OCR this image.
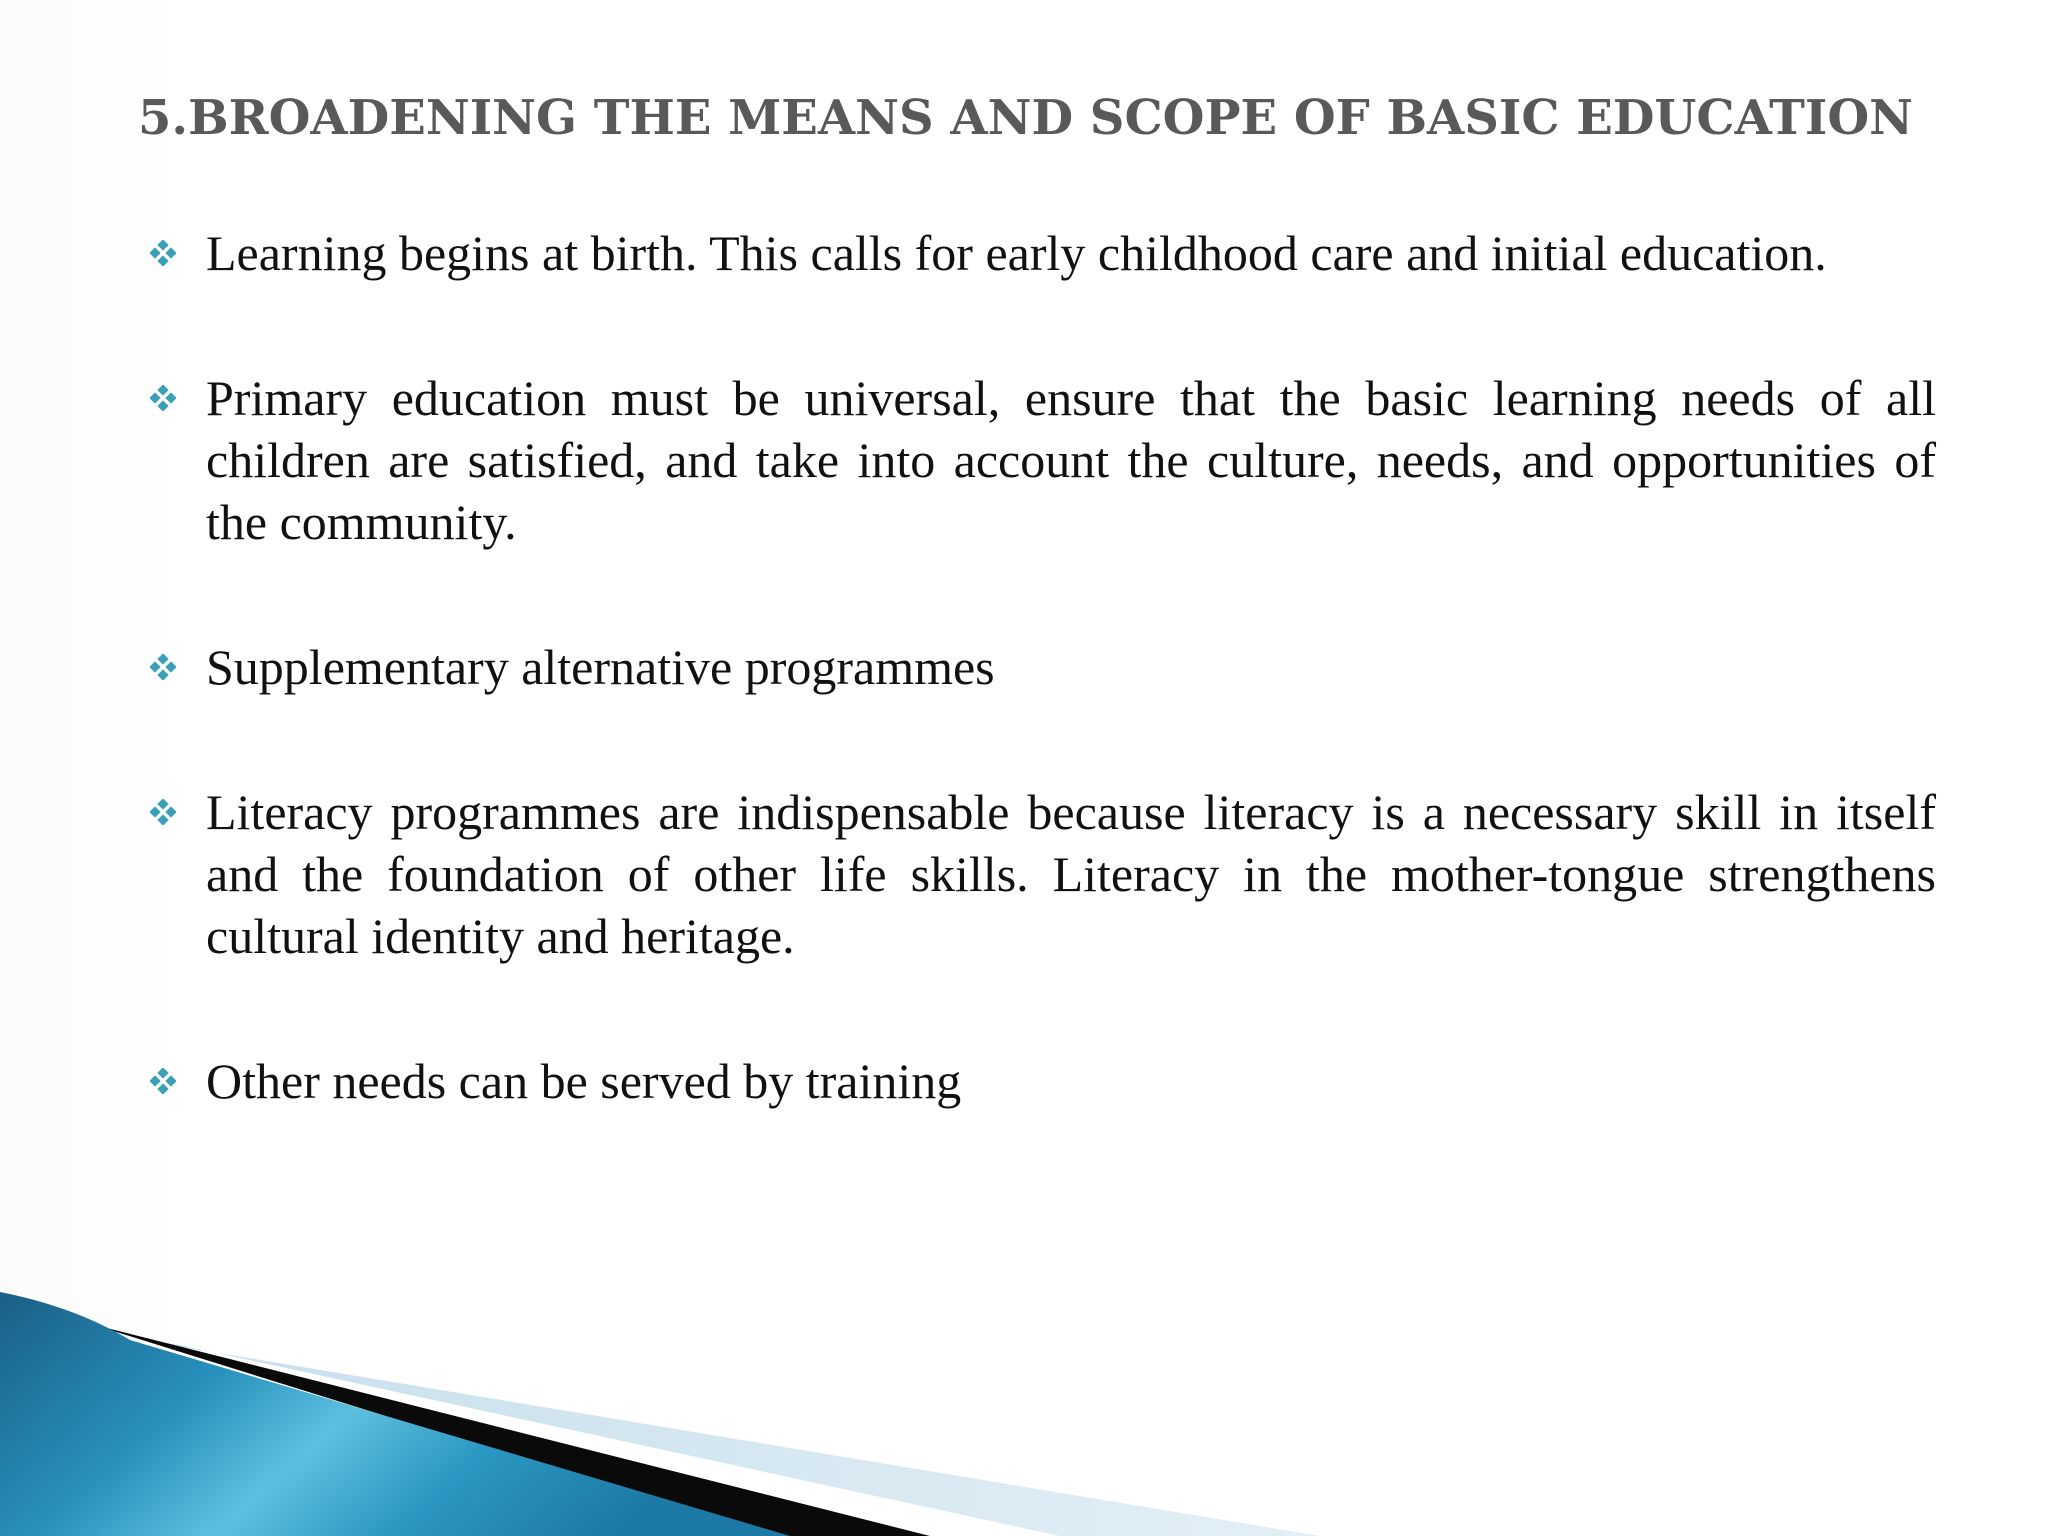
5.BROADENING THE MEANS AND SCOPE OF BASIC EDUCATION
Learning begins at birth. This calls for early childhood care and initial education.
Primary education must be universal, ensure that the basic learning needs of all children are satisfied, and take into account the culture, needs, and opportunities of the community.
Supplementary alternative programmes
Literacy programmes are indispensable because literacy is a necessary skill in itself and the foundation of other life skills. Literacy in the mother-tongue strengthens cultural identity and heritage.
Other needs can be served by training
